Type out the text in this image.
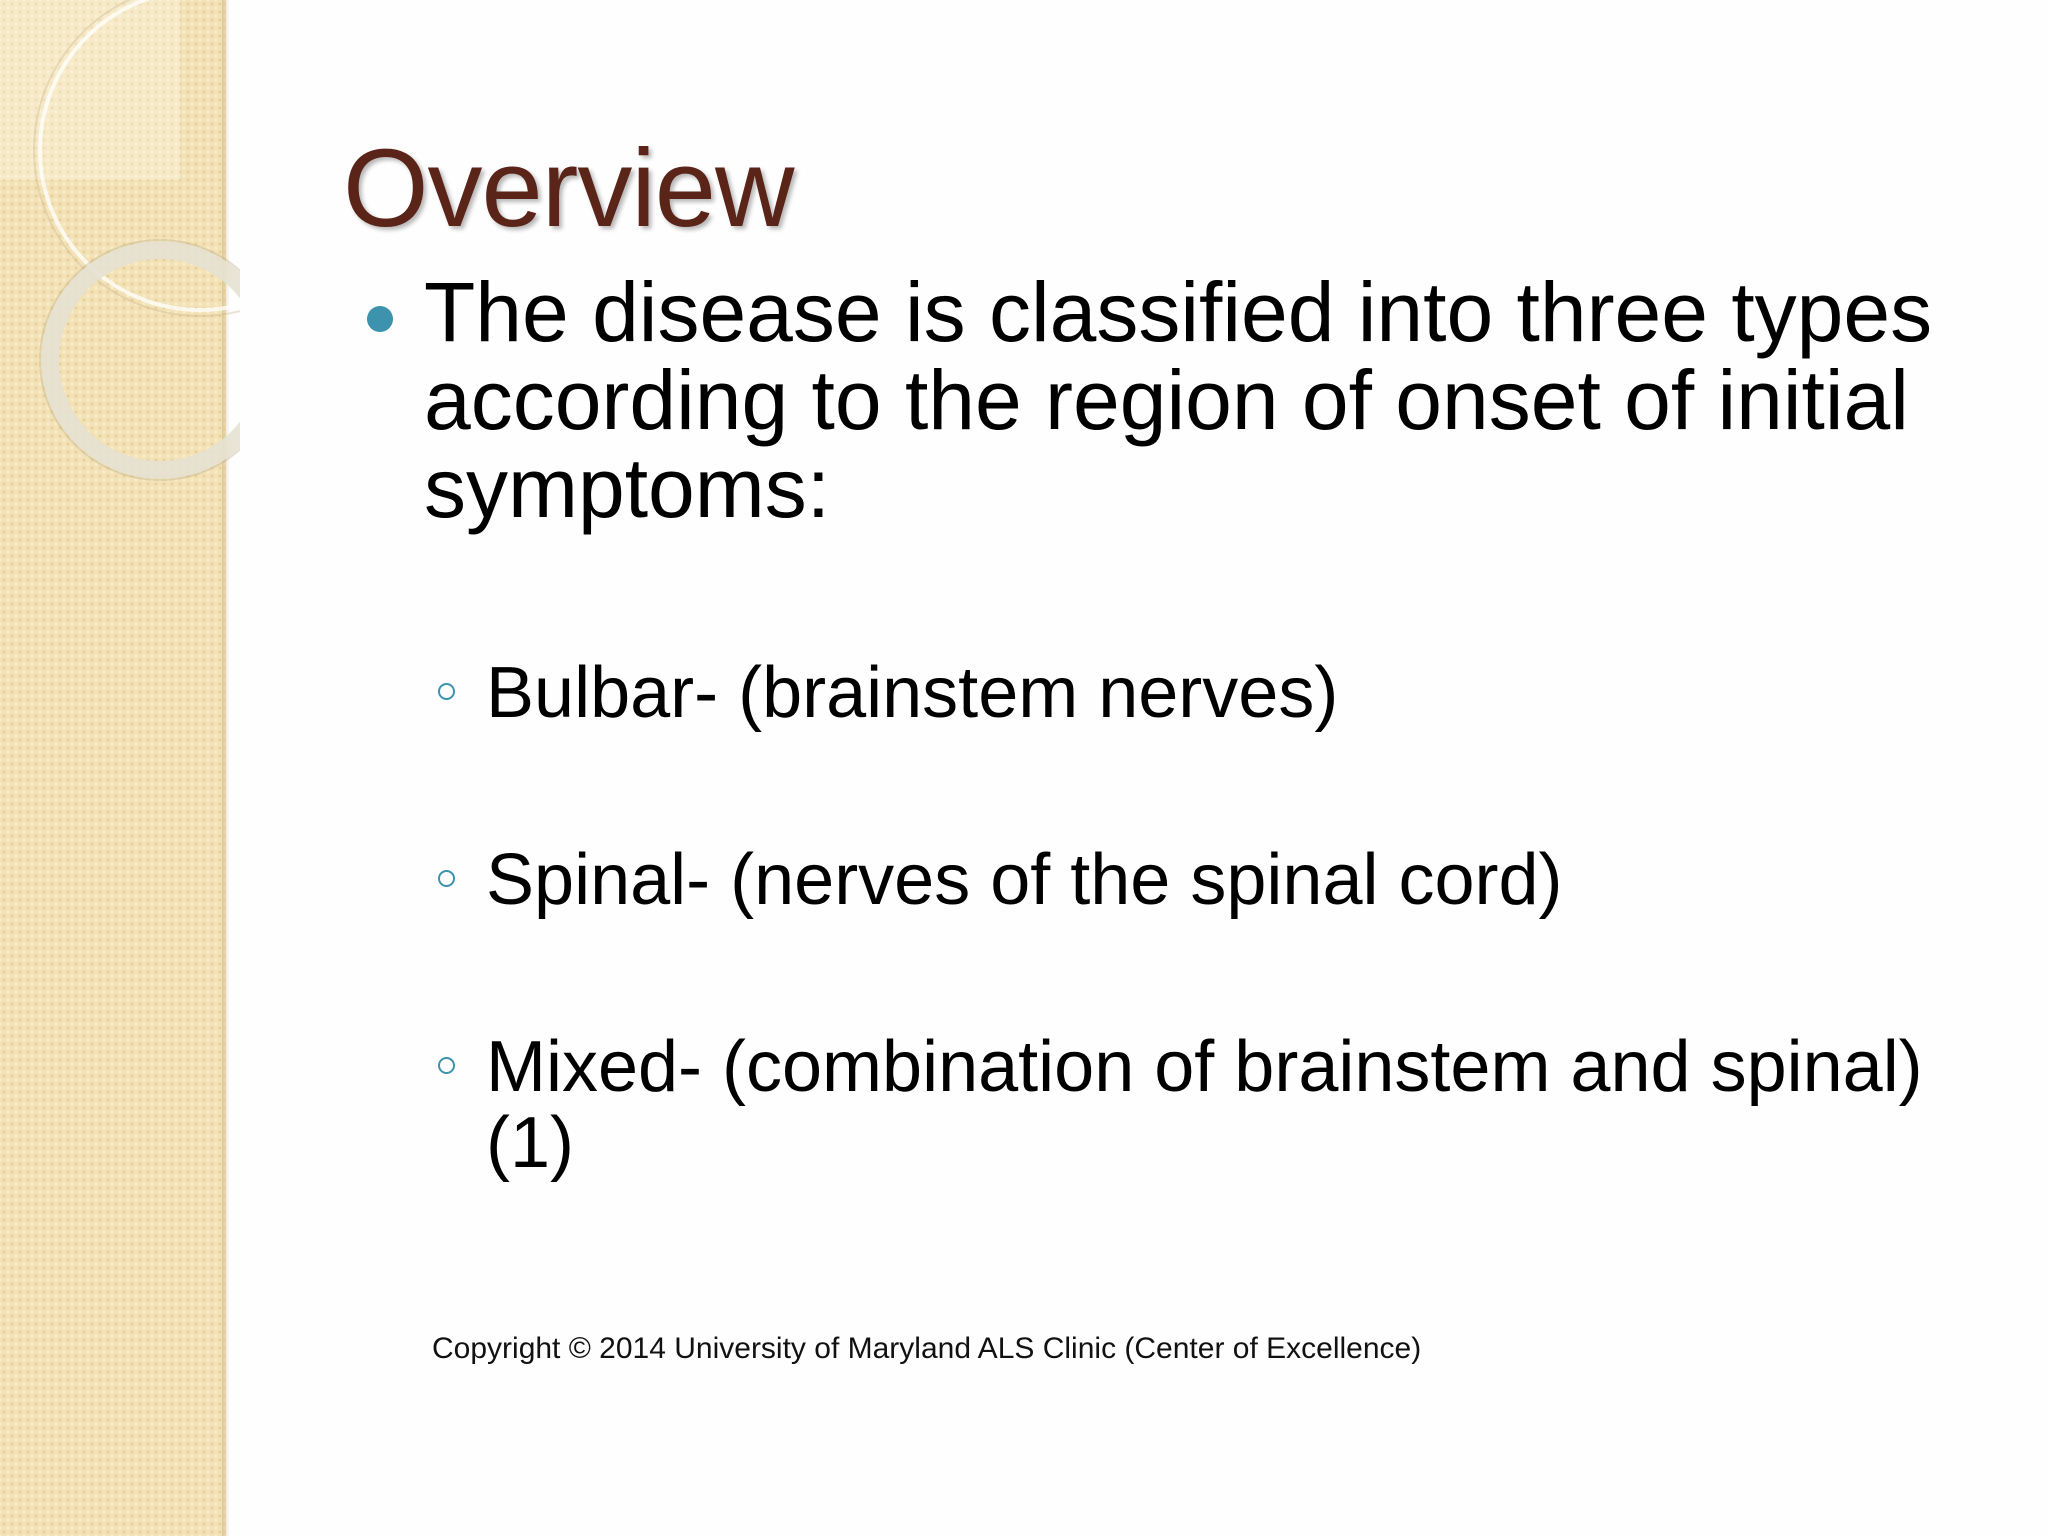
Overview

The disease is classified into three types according to the region of onset of initial symptoms:

Bulbar- (brainstem nerves)

Spinal- (nerves of the spinal cord)

Mixed- (combination of brainstem and spinal) (1)

Copyright © 2014 University of Maryland ALS Clinic (Center of Excellence)
